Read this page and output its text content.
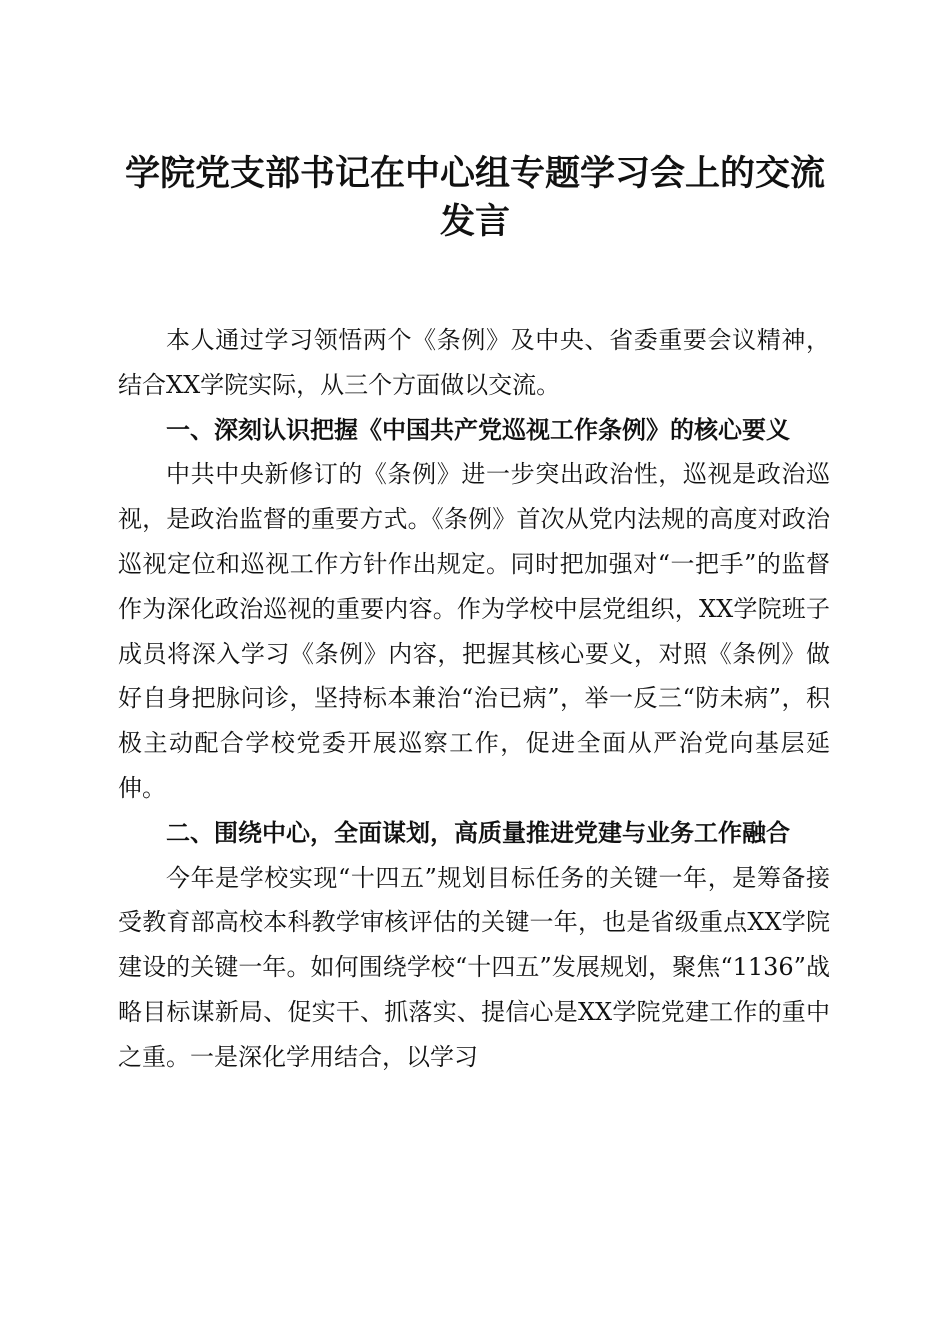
学院党支部书记在中心组专题学习会上的交流发言

本人通过学习领悟两个《条例》及中央、省委重要会议精神，结合XX学院实际，从三个方面做以交流。

一、深刻认识把握《中国共产党巡视工作条例》的核心要义

中共中央新修订的《条例》进一步突出政治性，巡视是政治巡视，是政治监督的重要方式。《条例》首次从党内法规的高度对政治巡视定位和巡视工作方针作出规定。同时把加强对“一把手”的监督作为深化政治巡视的重要内容。作为学校中层党组织，XX学院班子成员将深入学习《条例》内容，把握其核心要义，对照《条例》做好自身把脉问诊，坚持标本兼治“治已病”，举一反三“防未病”，积极主动配合学校党委开展巡察工作，促进全面从严治党向基层延伸。

二、围绕中心，全面谋划，高质量推进党建与业务工作融合

今年是学校实现“十四五”规划目标任务的关键一年，是筹备接受教育部高校本科教学审核评估的关键一年，也是省级重点XX学院建设的关键一年。如何围绕学校“十四五”发展规划，聚焦“1136”战略目标谋新局、促实干、抓落实、提信心是XX学院党建工作的重中之重。一是深化学用结合，以学习
